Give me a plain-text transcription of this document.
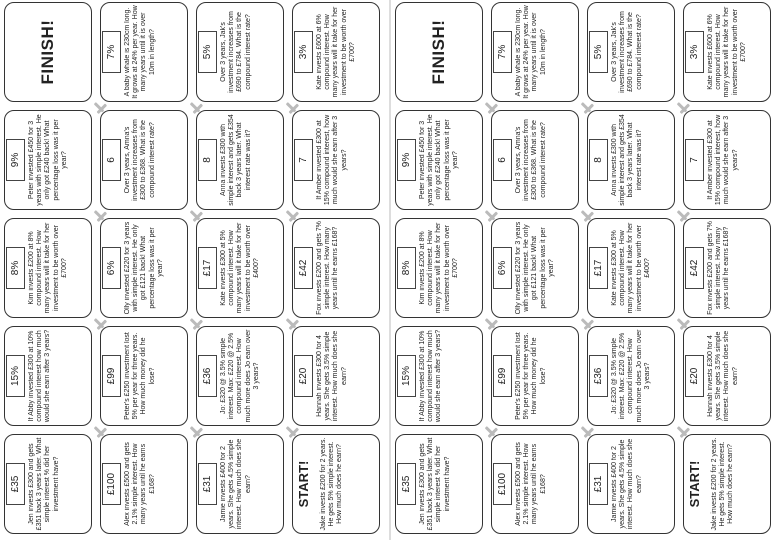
£35	Jen invests £300 and gets £351 back 3 years later. What simple interest % did her investment have?	£100	Alex invests £500 and gets 2.1% simple interest. How many years until he earns £168?	£31	Jamie invests £400 for 2 years. She gets 4.5% simple interest. How much does she earn?	START! Jake invests £200 for 2 years. He gets 5% simple interest. How much does he earn?
15%	If Abby invested £300 at 10% compound interest how much would she earn after 3 years?	£99	Peter's £250 investment lost 5% per year for three years. How much money did he lose?	£36	Jo: £320 @ 3.5% simple interest. Max: £220 @ 2.5% compound interest. How much more does Jo earn over 3 years?	£20	Hannah invests £300 for 4 years. She gets 3.5% simple interest. How much does she earn?
8%	Kim invests £200 at 8% compound interest. How many years will it take for her investment to be worth over £700?	6%	Olly invested £220 for 3 years with simple interest. He only got £121 back! What percentage loss was it per year?	£17	Kate invests £300 at 5% compound interest. How many years will it take for her investment to be worth over £400?	£42	Fox invests £200 and gets 7% simple interest. How many years until he earns £168?
9%	Peter invested £450 for 3 years with simple interest. He only got £240 back! What percentage loss was it per year?	6	Over 3 years, Amna's investment increases from £300 to £368. What is the compound interest rate?	8	Anna invests £300 with simple interest and gets £354 back 3 years later. What interest rate was it?	7	If Amber invested £300 at 15% compound interest, how much would she earn after 3 years?
FINISH!	7%	A baby whale is 230cm long. It grows at 24% per year. How many years until it is over 10m in length?	5%	Over 3 years, Jak's investment increases from £690 to £784. What is the compound interest rate?	3%	Kate invests £600 at 6% compound interest. How many years will it take for her investment to be worth over £700?
£35	Jen invests £300 and gets £351 back 3 years later. What simple interest % did her investment have?	£100	Alex invests £500 and gets 2.1% simple interest. How many years until he earns £168?	£31	Jamie invests £400 for 2 years. She gets 4.5% simple interest. How much does she earn?	START! Jake invests £200 for 2 years. He gets 5% simple interest. How much does he earn?
15%	If Abby invested £300 at 10% compound interest how much would she earn after 3 years?	£99	Peter's £250 investment lost 5% per year for three years. How much money did he lose?	£36	Jo: £320 @ 3.5% simple interest. Max: £220 @ 2.5% compound interest. How much more does Jo earn over 3 years?	£20	Hannah invests £300 for 4 years. She gets 3.5% simple interest. How much does she earn?
8%	Kim invests £200 at 8% compound interest. How many years will it take for her investment to be worth over £700?	6%	Olly invested £220 for 3 years with simple interest. He only got £121 back! What percentage loss was it per year?	£17	Kate invests £300 at 5% compound interest. How many years will it take for her investment to be worth over £400?	£42	Fox invests £200 and gets 7% simple interest. How many years until he earns £168?
9%	Peter invested £450 for 3 years with simple interest. He only got £240 back! What percentage loss was it per year?	6	Over 3 years, Amna's investment increases from £300 to £368. What is the compound interest rate?	8	Anna invests £300 with simple interest and gets £354 back 3 years later. What interest rate was it?	7	If Amber invested £300 at 15% compound interest, how much would she earn after 3 years?
FINISH!	7%	A baby whale is 230cm long. It grows at 24% per year. How many years until it is over 10m in length?	5%	Over 3 years, Jak's investment increases from £690 to £784. What is the compound interest rate?	3%	Kate invests £600 at 6% compound interest. How many years will it take for her investment to be worth over £700?
